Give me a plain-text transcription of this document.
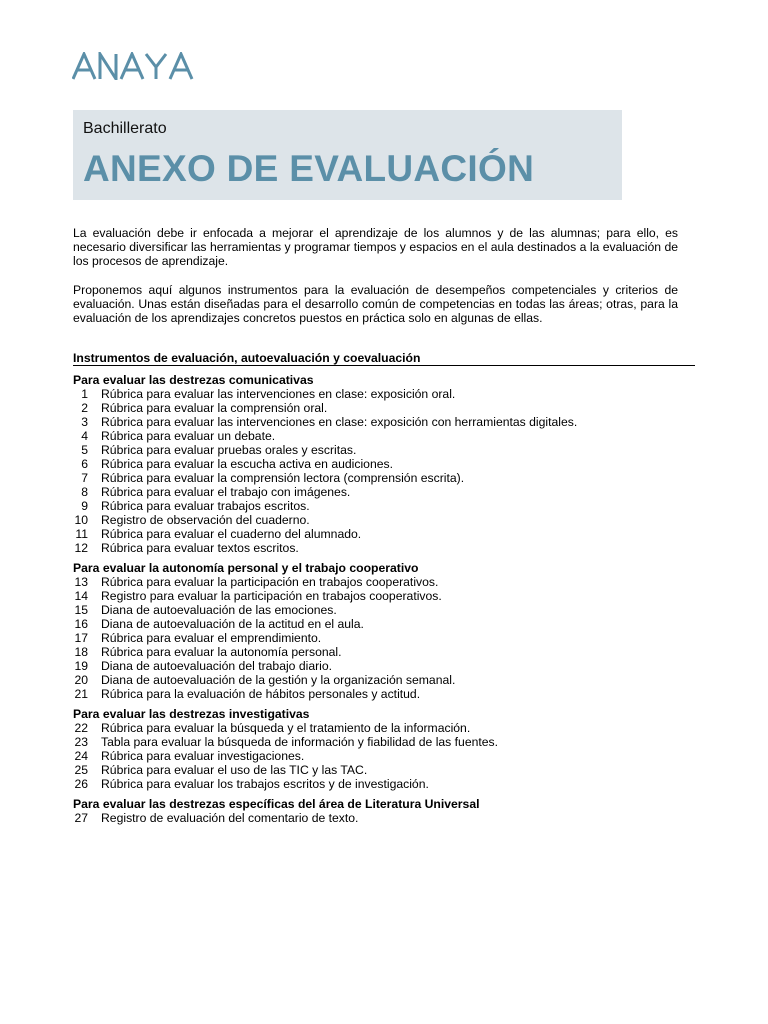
Bachillerato
ANEXO DE EVALUACIÓN

La evaluación debe ir enfocada a mejorar el aprendizaje de los alumnos y de las alumnas; para ello, es necesario diversificar las herramientas y programar tiempos y espacios en el aula destinados a la evaluación de los procesos de aprendizaje.

Proponemos aquí algunos instrumentos para la evaluación de desempeños competenciales y criterios de evaluación. Unas están diseñadas para el desarrollo común de competencias en todas las áreas; otras, para la evaluación de los aprendizajes concretos puestos en práctica solo en algunas de ellas.

Instrumentos de evaluación, autoevaluación y coevaluación
Para evaluar las destrezas comunicativas
1 Rúbrica para evaluar las intervenciones en clase: exposición oral.
2 Rúbrica para evaluar la comprensión oral.
3 Rúbrica para evaluar las intervenciones en clase: exposición con herramientas digitales.
4 Rúbrica para evaluar un debate.
5 Rúbrica para evaluar pruebas orales y escritas.
6 Rúbrica para evaluar la escucha activa en audiciones.
7 Rúbrica para evaluar la comprensión lectora (comprensión escrita).
8 Rúbrica para evaluar el trabajo con imágenes.
9 Rúbrica para evaluar trabajos escritos.
10 Registro de observación del cuaderno.
11 Rúbrica para evaluar el cuaderno del alumnado.
12 Rúbrica para evaluar textos escritos.
Para evaluar la autonomía personal y el trabajo cooperativo
13 Rúbrica para evaluar la participación en trabajos cooperativos.
14 Registro para evaluar la participación en trabajos cooperativos.
15 Diana de autoevaluación de las emociones.
16 Diana de autoevaluación de la actitud en el aula.
17 Rúbrica para evaluar el emprendimiento.
18 Rúbrica para evaluar la autonomía personal.
19 Diana de autoevaluación del trabajo diario.
20 Diana de autoevaluación de la gestión y la organización semanal.
21 Rúbrica para la evaluación de hábitos personales y actitud.
Para evaluar las destrezas investigativas
22 Rúbrica para evaluar la búsqueda y el tratamiento de la información.
23 Tabla para evaluar la búsqueda de información y fiabilidad de las fuentes.
24 Rúbrica para evaluar investigaciones.
25 Rúbrica para evaluar el uso de las TIC y las TAC.
26 Rúbrica para evaluar los trabajos escritos y de investigación.
Para evaluar las destrezas específicas del área de Literatura Universal
27 Registro de evaluación del comentario de texto.
